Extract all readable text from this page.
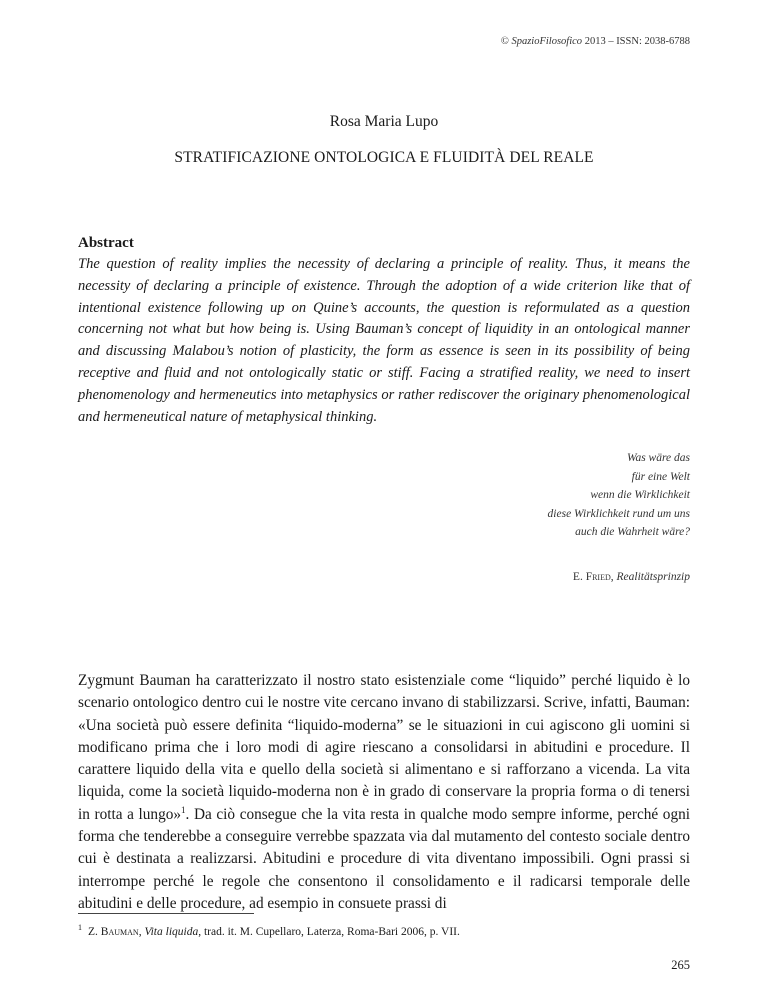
© SpazioFilosofico 2013 – ISSN: 2038-6788
Rosa Maria Lupo
STRATIFICAZIONE ONTOLOGICA E FLUIDITÀ DEL REALE
Abstract

The question of reality implies the necessity of declaring a principle of reality. Thus, it means the necessity of declaring a principle of existence. Through the adoption of a wide criterion like that of intentional existence following up on Quine’s accounts, the question is reformulated as a question concerning not what but how being is. Using Bauman’s concept of liquidity in an ontological manner and discussing Malabou’s notion of plasticity, the form as essence is seen in its possibility of being receptive and fluid and not ontologically static or stiff. Facing a stratified reality, we need to insert phenomenology and hermeneutics into metaphysics or rather rediscover the originary phenomenological and hermeneutical nature of metaphysical thinking.

Was wäre das
für eine Welt
wenn die Wirklichkeit
diese Wirklichkeit rund um uns
auch die Wahrheit wäre?
E. Fried, Realitätsprinzip

Zygmunt Bauman ha caratterizzato il nostro stato esistenziale come “liquido” perché liquido è lo scenario ontologico dentro cui le nostre vite cercano invano di stabilizzarsi. Scrive, infatti, Bauman: «Una società può essere definita “liquido-moderna” se le situazioni in cui agiscono gli uomini si modificano prima che i loro modi di agire riescano a consolidarsi in abitudini e procedure. Il carattere liquido della vita e quello della società si alimentano e si rafforzano a vicenda. La vita liquida, come la società liquido-moderna non è in grado di conservare la propria forma o di tenersi in rotta a lungo»$^1$. Da ciò consegue che la vita resta in qualche modo sempre informe, perché ogni forma che tenderebbe a conseguire verrebbe spazzata via dal mutamento del contesto sociale dentro cui è destinata a realizzarsi. Abitudini e procedure di vita diventano impossibili. Ogni prassi si interrompe perché le regole che consentono il consolidamento e il radicarsi temporale delle abitudini e delle procedure, ad esempio in consuete prassi di

$^1$ Z. Bauman, Vita liquida, trad. it. M. Cupellaro, Laterza, Roma-Bari 2006, p. VII.
265
